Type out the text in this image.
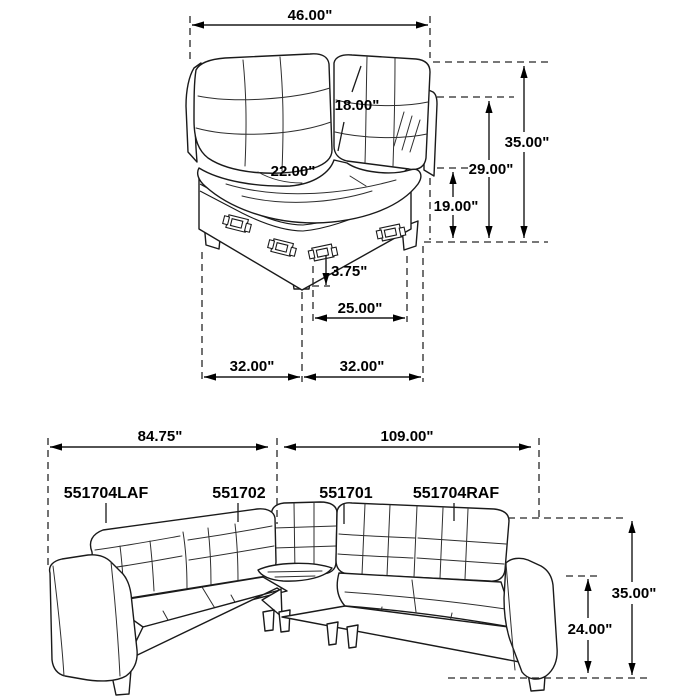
46.00"
18.00"
22.00"
35.00"
29.00"
19.00"
3.75"
25.00"
32.00"	32.00"
551704LAF	551702	551701	551704RAF
84.75"	109.00"
35.00"
24.00"
